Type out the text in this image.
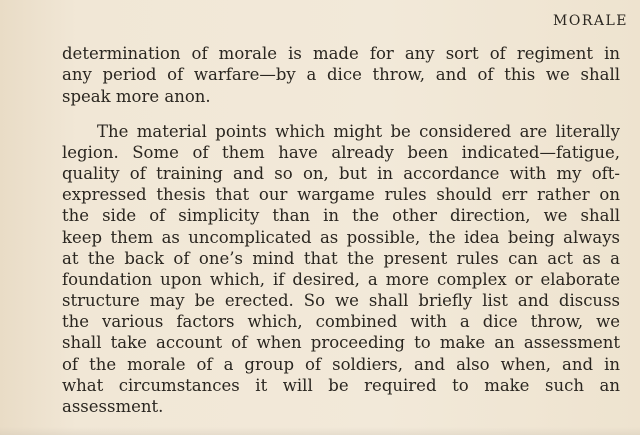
MORALE

determination of morale is made for any sort of regiment in

any period of warfare—by a dice throw, and of this we shall

speak more anon.

The material points which might be considered are literally

legion. Some of them have already been indicated—fatigue,

quality of training and so on, but in accordance with my oft-

expressed thesis that our wargame rules should err rather on

the side of simplicity than in the other direction, we shall

keep them as uncomplicated as possible, the idea being always

at the back of one’s mind that the present rules can act as a

foundation upon which, if desired, a more complex or elaborate

structure may be erected. So we shall briefly list and discuss

the various factors which, combined with a dice throw, we

shall take account of when proceeding to make an assessment

of the morale of a group of soldiers, and also when, and in

what circumstances it will be required to make such an

assessment.
